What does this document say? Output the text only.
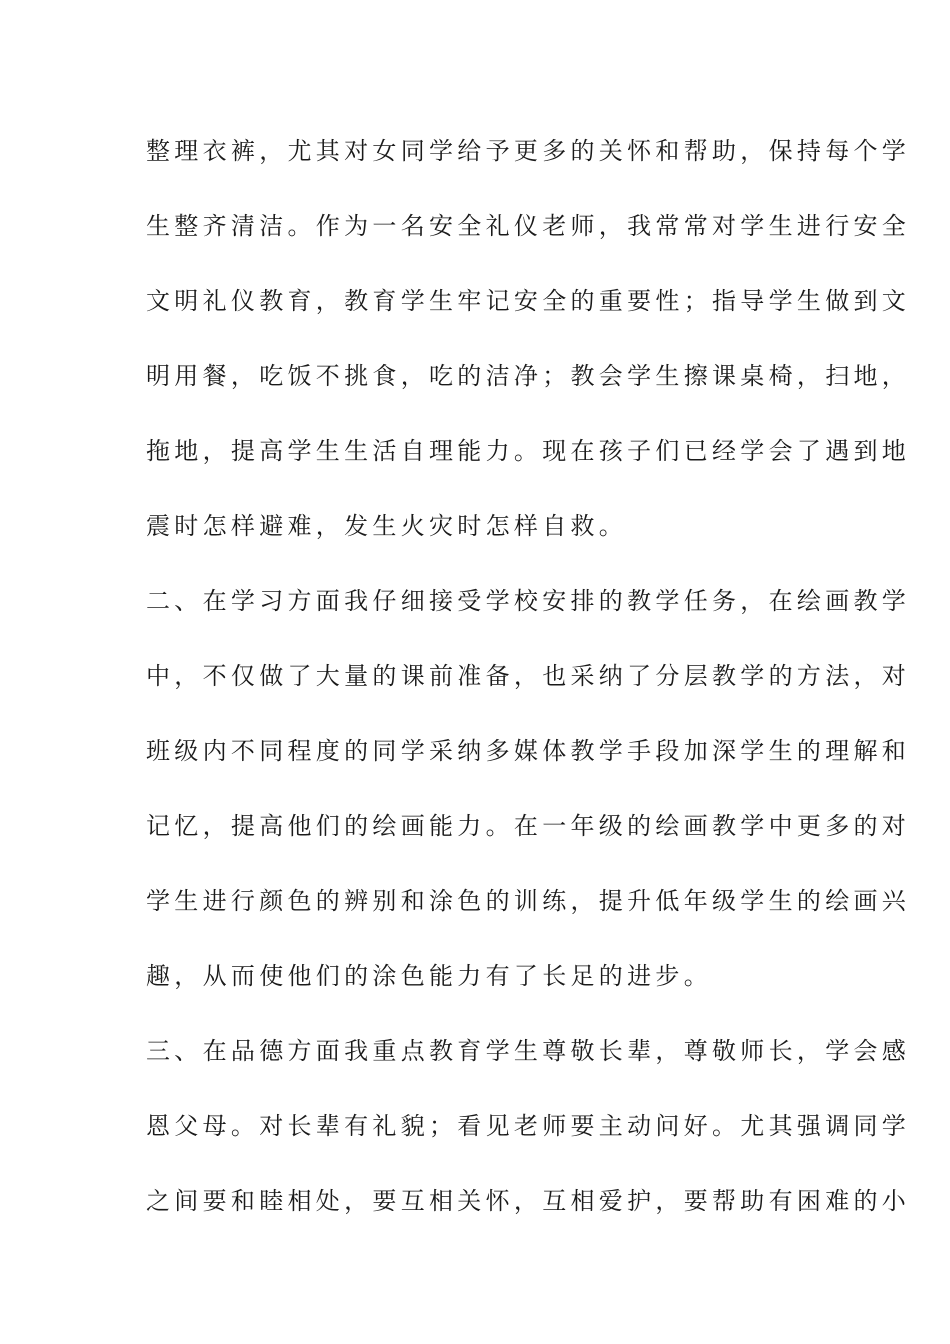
整理衣裤，尤其对女同学给予更多的关怀和帮助，保持每个学
生整齐清洁。作为一名安全礼仪老师，我常常对学生进行安全
文明礼仪教育，教育学生牢记安全的重要性；指导学生做到文
明用餐，吃饭不挑食，吃的洁净；教会学生擦课桌椅，扫地，
拖地，提高学生生活自理能力。现在孩子们已经学会了遇到地
震时怎样避难，发生火灾时怎样自救。
二、在学习方面我仔细接受学校安排的教学任务，在绘画教学
中，不仅做了大量的课前准备，也采纳了分层教学的方法，对
班级内不同程度的同学采纳多媒体教学手段加深学生的理解和
记忆，提高他们的绘画能力。在一年级的绘画教学中更多的对
学生进行颜色的辨别和涂色的训练，提升低年级学生的绘画兴
趣，从而使他们的涂色能力有了长足的进步。
三、在品德方面我重点教育学生尊敬长辈，尊敬师长，学会感
恩父母。对长辈有礼貌；看见老师要主动问好。尤其强调同学
之间要和睦相处，要互相关怀，互相爱护，要帮助有困难的小
